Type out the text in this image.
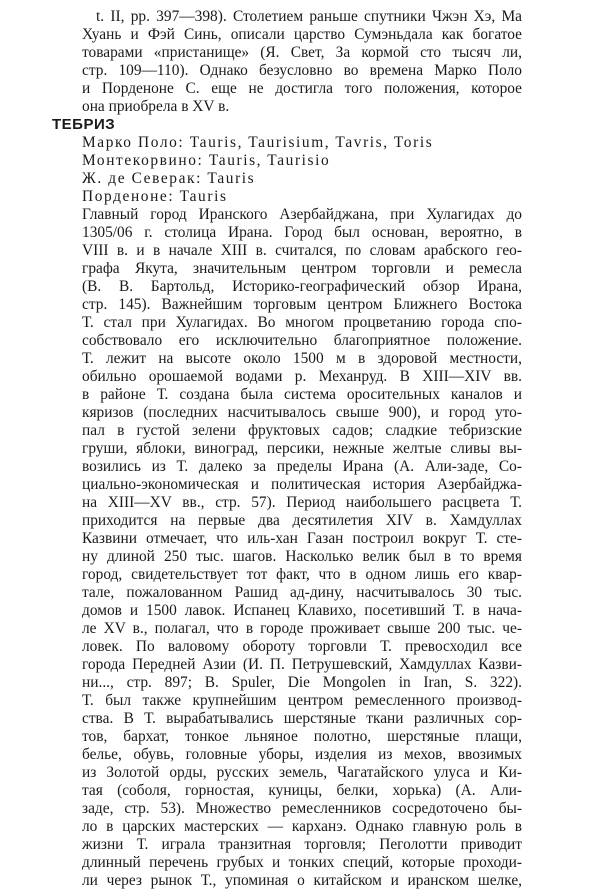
t. II, pp. 397—398). Столетием раньше спутники Чжэн Хэ, Ма
Хуань и Фэй Синь, описали царство Сумэньдала как богатое
товарами «пристанище» (Я. Свет, За кормой сто тысяч ли,
стр. 109—110). Однако безусловно во времена Марко Поло
и Порденоне С. еще не достигла того положения, которое
она приобрела в XV в.
ТЕБРИЗ
Марко Поло: Tauris, Taurisium, Tavris, Toris
Монтекорвино: Tauris, Taurisio
Ж. де Северак: Tauris
Порденоне: Tauris
Главный город Иранского Азербайджана, при Хулагидах до
1305/06 г. столица Ирана. Город был основан, вероятно, в
VIII в. и в начале XIII в. считался, по словам арабского гео-
графа Якута, значительным центром торговли и ремесла
(В. В. Бартольд, Историко-географический обзор Ирана,
стр. 145). Важнейшим торговым центром Ближнего Востока
Т. стал при Хулагидах. Во многом процветанию города спо-
собствовало его исключительно благоприятное положение.
Т. лежит на высоте около 1500 м в здоровой местности,
обильно орошаемой водами р. Механруд. В XIII—XIV вв.
в районе Т. создана была система оросительных каналов и
кяризов (последних насчитывалось свыше 900), и город уто-
пал в густой зелени фруктовых садов; сладкие тебризские
груши, яблоки, виноград, персики, нежные желтые сливы вы-
возились из Т. далеко за пределы Ирана (А. Али-заде, Со-
циально-экономическая и политическая история Азербайджа-
на XIII—XV вв., стр. 57). Период наибольшего расцвета Т.
приходится на первые два десятилетия XIV в. Хамдуллах
Казвини отмечает, что иль-хан Газан построил вокруг Т. сте-
ну длиной 250 тыс. шагов. Насколько велик был в то время
город, свидетельствует тот факт, что в одном лишь его квар-
тале, пожалованном Рашид ад-дину, насчитывалось 30 тыс.
домов и 1500 лавок. Испанец Клавихо, посетивший Т. в нача-
ле XV в., полагал, что в городе проживает свыше 200 тыс. че-
ловек. По валовому обороту торговли Т. превосходил все
города Передней Азии (И. П. Петрушевский, Хамдуллах Казви-
ни..., стр. 897; B. Spuler, Die Mongolen in Iran, S. 322).
Т. был также крупнейшим центром ремесленного производ-
ства. В Т. вырабатывались шерстяные ткани различных сор-
тов, бархат, тонкое льняное полотно, шерстяные плащи,
белье, обувь, головные уборы, изделия из мехов, ввозимых
из Золотой орды, русских земель, Чагатайского улуса и Ки-
тая (соболя, горностая, куницы, белки, хорька) (А. Али-
заде, стр. 53). Множество ремесленников сосредоточено бы-
ло в царских мастерских — карханэ. Однако главную роль в
жизни Т. играла транзитная торговля; Пеголотти приводит
длинный перечень грубых и тонких специй, которые проходи-
ли через рынок Т., упоминая о китайском и иранском шелке,
